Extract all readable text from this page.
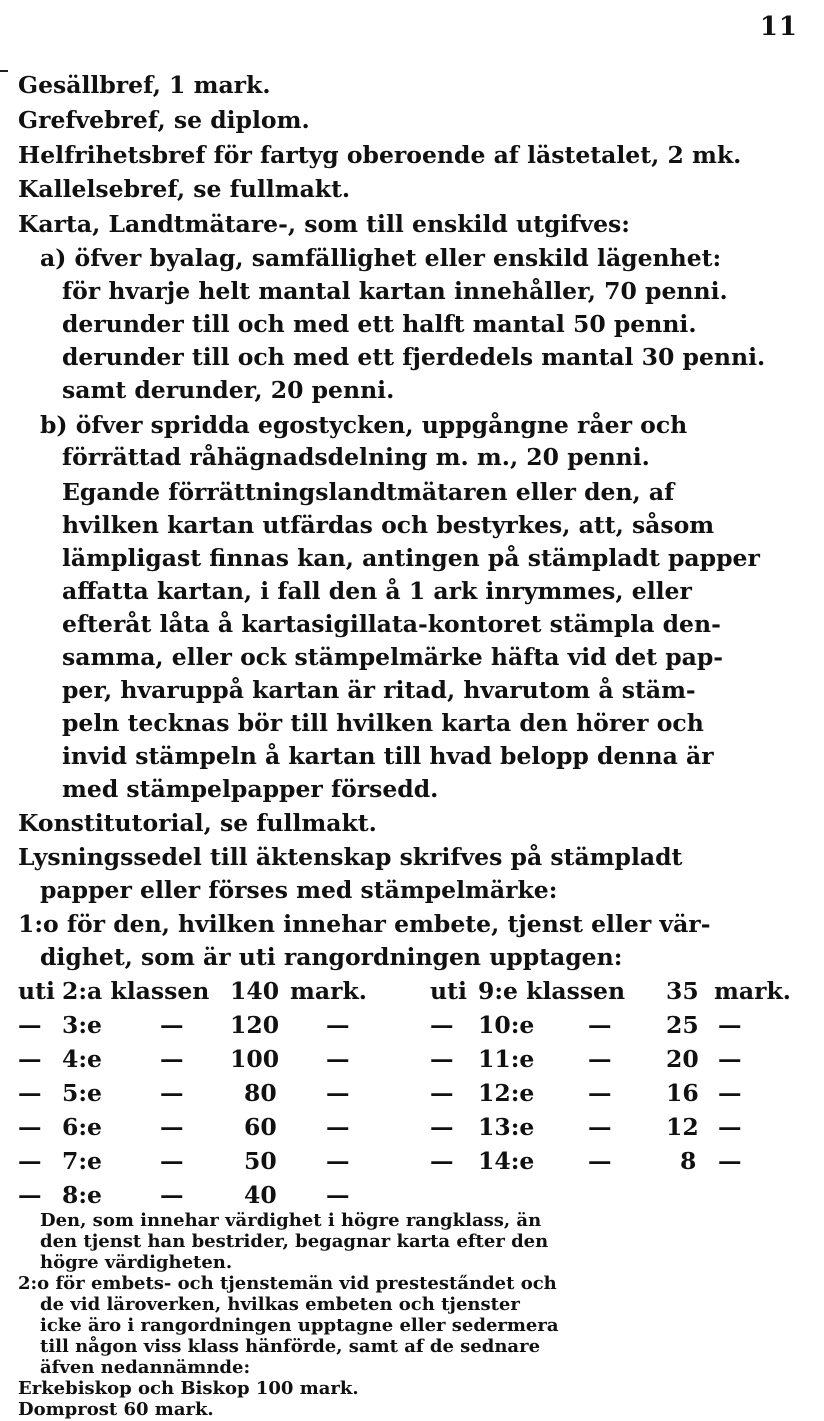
11
Gesällbref, 1 mark.
Grefvebref, se diplom.
Helfrihetsbref för fartyg oberoende af lästetalet, 2 mk.
Kallelsebref, se fullmakt.
Karta, Landtmätare-, som till enskild utgifves:
a) öfver byalag, samfällighet eller enskild lägenhet:
för hvarje helt mantal kartan innehåller, 70 penni.
derunder till och med ett halft mantal 50 penni.
derunder till och med ett fjerdedels mantal 30 penni.
samt derunder, 20 penni.
b) öfver spridda egostycken, uppgångne råer och
förrättad råhägnadsdelning m. m., 20 penni.
Egande förrättningslandtmätaren eller den, af
hvilken kartan utfärdas och bestyrkes, att, såsom
lämpligast finnas kan, antingen på stämpladt papper
affatta kartan, i fall den å 1 ark inrymmes, eller
efteråt låta å kartasigillata-kontoret stämpla den-
samma, eller ock stämpelmärke häfta vid det pap-
per, hvaruppå kartan är ritad, hvarutom å stäm-
peln tecknas bör till hvilken karta den hörer och
invid stämpeln å kartan till hvad belopp denna är
med stämpelpapper försedd.
Konstitutorial, se fullmakt.
Lysningssedel till äktenskap skrifves på stämpladt
papper eller förses med stämpelmärke:
1:o för den, hvilken innehar embete, tjenst eller vär-
dighet, som är uti rangordningen upptagen:
uti 2:a klassen 140 mark.
— 3:e — 120 —
— 4:e — 100 —
— 5:e —	80 —
— 6:e —	60 —
— 7:e —	50 —
— 8:e —	40 —
uti 9:e klassen 35 mark.
— 10:e — 25 —
— 11:e — 20 —
— 12:e — 16 —
— 13:e — 12 —
— 14:e —	8 —
Den, som innehar värdighet i högre rangklass, än
den tjenst han bestrider, begagnar karta efter den
högre värdigheten.
2:o för embets- och tjenstemän vid prestesta̋ndet och
de vid läroverken, hvilkas embeten och tjenster
icke äro i rangordningen upptagne eller sedermera
till någon viss klass hänförde, samt af de sednare
äfven nedannämnde:
Erkebiskop och Biskop 100 mark.
Domprost 60 mark.
